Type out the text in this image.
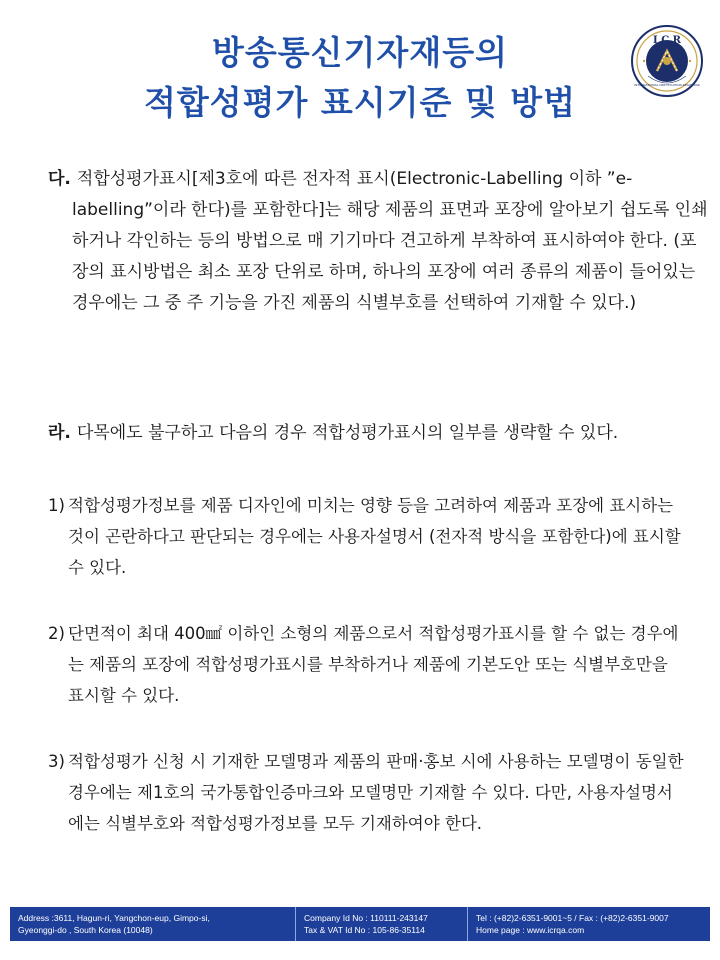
방송통신기자재등의
적합성평가 표시기준 및 방법
I C R
INTERNATIONAL CERTIFICATION REGISTRAR
다. 적합성평가표시[제3호에 따른 전자적 표시(Electronic-Labelling 이하 ˮe-labellingˮ이라 한다)를 포함한다]는 해당 제품의 표면과 포장에 알아보기 쉽도록 인쇄하거나 각인하는 등의 방법으로 매 기기마다 견고하게 부착하여 표시하여야 한다. (포장의 표시방법은 최소 포장 단위로 하며, 하나의 포장에 여러 종류의 제품이 들어있는 경우에는 그 중 주 기능을 가진 제품의 식별부호를 선택하여 기재할 수 있다.)
라. 다목에도 불구하고 다음의 경우 적합성평가표시의 일부를 생략할 수 있다.
1) 적합성평가정보를 제품 디자인에 미치는 영향 등을 고려하여 제품과 포장에 표시하는 것이 곤란하다고 판단되는 경우에는 사용자설명서 (전자적 방식을 포함한다)에 표시할 수 있다.
2) 단면적이 최대 400㎟ 이하인 소형의 제품으로서 적합성평가표시를 할 수 없는 경우에는 제품의 포장에 적합성평가표시를 부착하거나 제품에 기본도안 또는 식별부호만을 표시할 수 있다.
3) 적합성평가 신청 시 기재한 모델명과 제품의 판매·홍보 시에 사용하는 모델명이 동일한 경우에는 제1호의 국가통합인증마크와 모델명만 기재할 수 있다. 다만, 사용자설명서에는 식별부호와 적합성평가정보를 모두 기재하여야 한다.
Address :3611, Hagun-ri, Yangchon-eup, Gimpo-si,
Gyeonggi-do , South Korea (10048)
Company Id No : 110111-243147
Tax & VAT Id No : 105-86-35114
Tel : (+82)2-6351-9001~5 / Fax : (+82)2-6351-9007
Home page : www.icrqa.com
